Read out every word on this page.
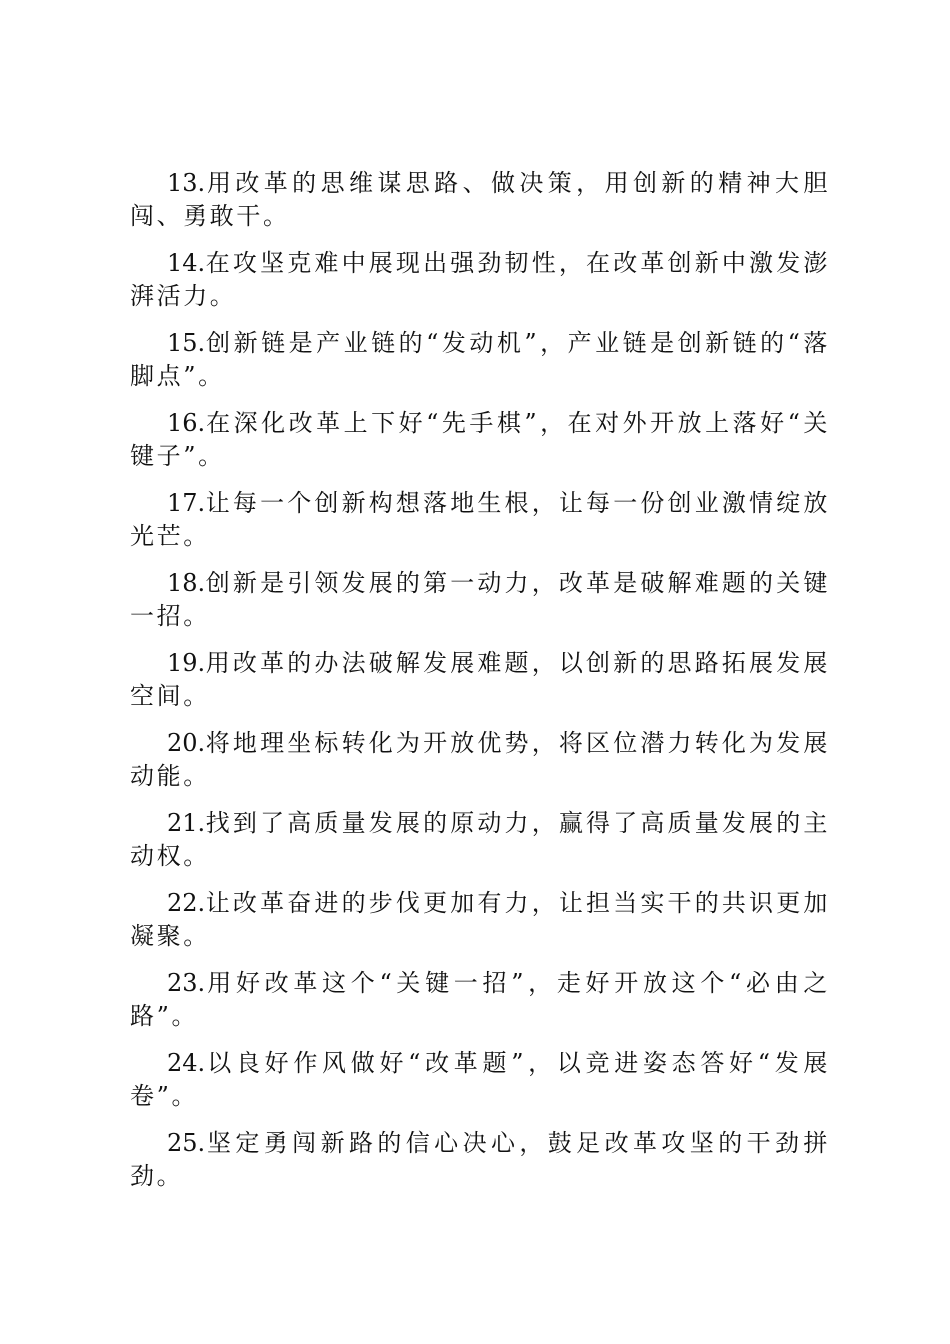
13.用改革的思维谋思路、做决策，用创新的精神大胆闯、勇敢干。

14.在攻坚克难中展现出强劲韧性，在改革创新中激发澎湃活力。

15.创新链是产业链的“发动机”，产业链是创新链的“落脚点”。

16.在深化改革上下好“先手棋”，在对外开放上落好“关键子”。

17.让每一个创新构想落地生根，让每一份创业激情绽放光芒。

18.创新是引领发展的第一动力，改革是破解难题的关键一招。

19.用改革的办法破解发展难题，以创新的思路拓展发展空间。

20.将地理坐标转化为开放优势，将区位潜力转化为发展动能。

21.找到了高质量发展的原动力，赢得了高质量发展的主动权。

22.让改革奋进的步伐更加有力，让担当实干的共识更加凝聚。

23.用好改革这个“关键一招”，走好开放这个“必由之路”。

24.以良好作风做好“改革题”，以竞进姿态答好“发展卷”。

25.坚定勇闯新路的信心决心，鼓足改革攻坚的干劲拼劲。
